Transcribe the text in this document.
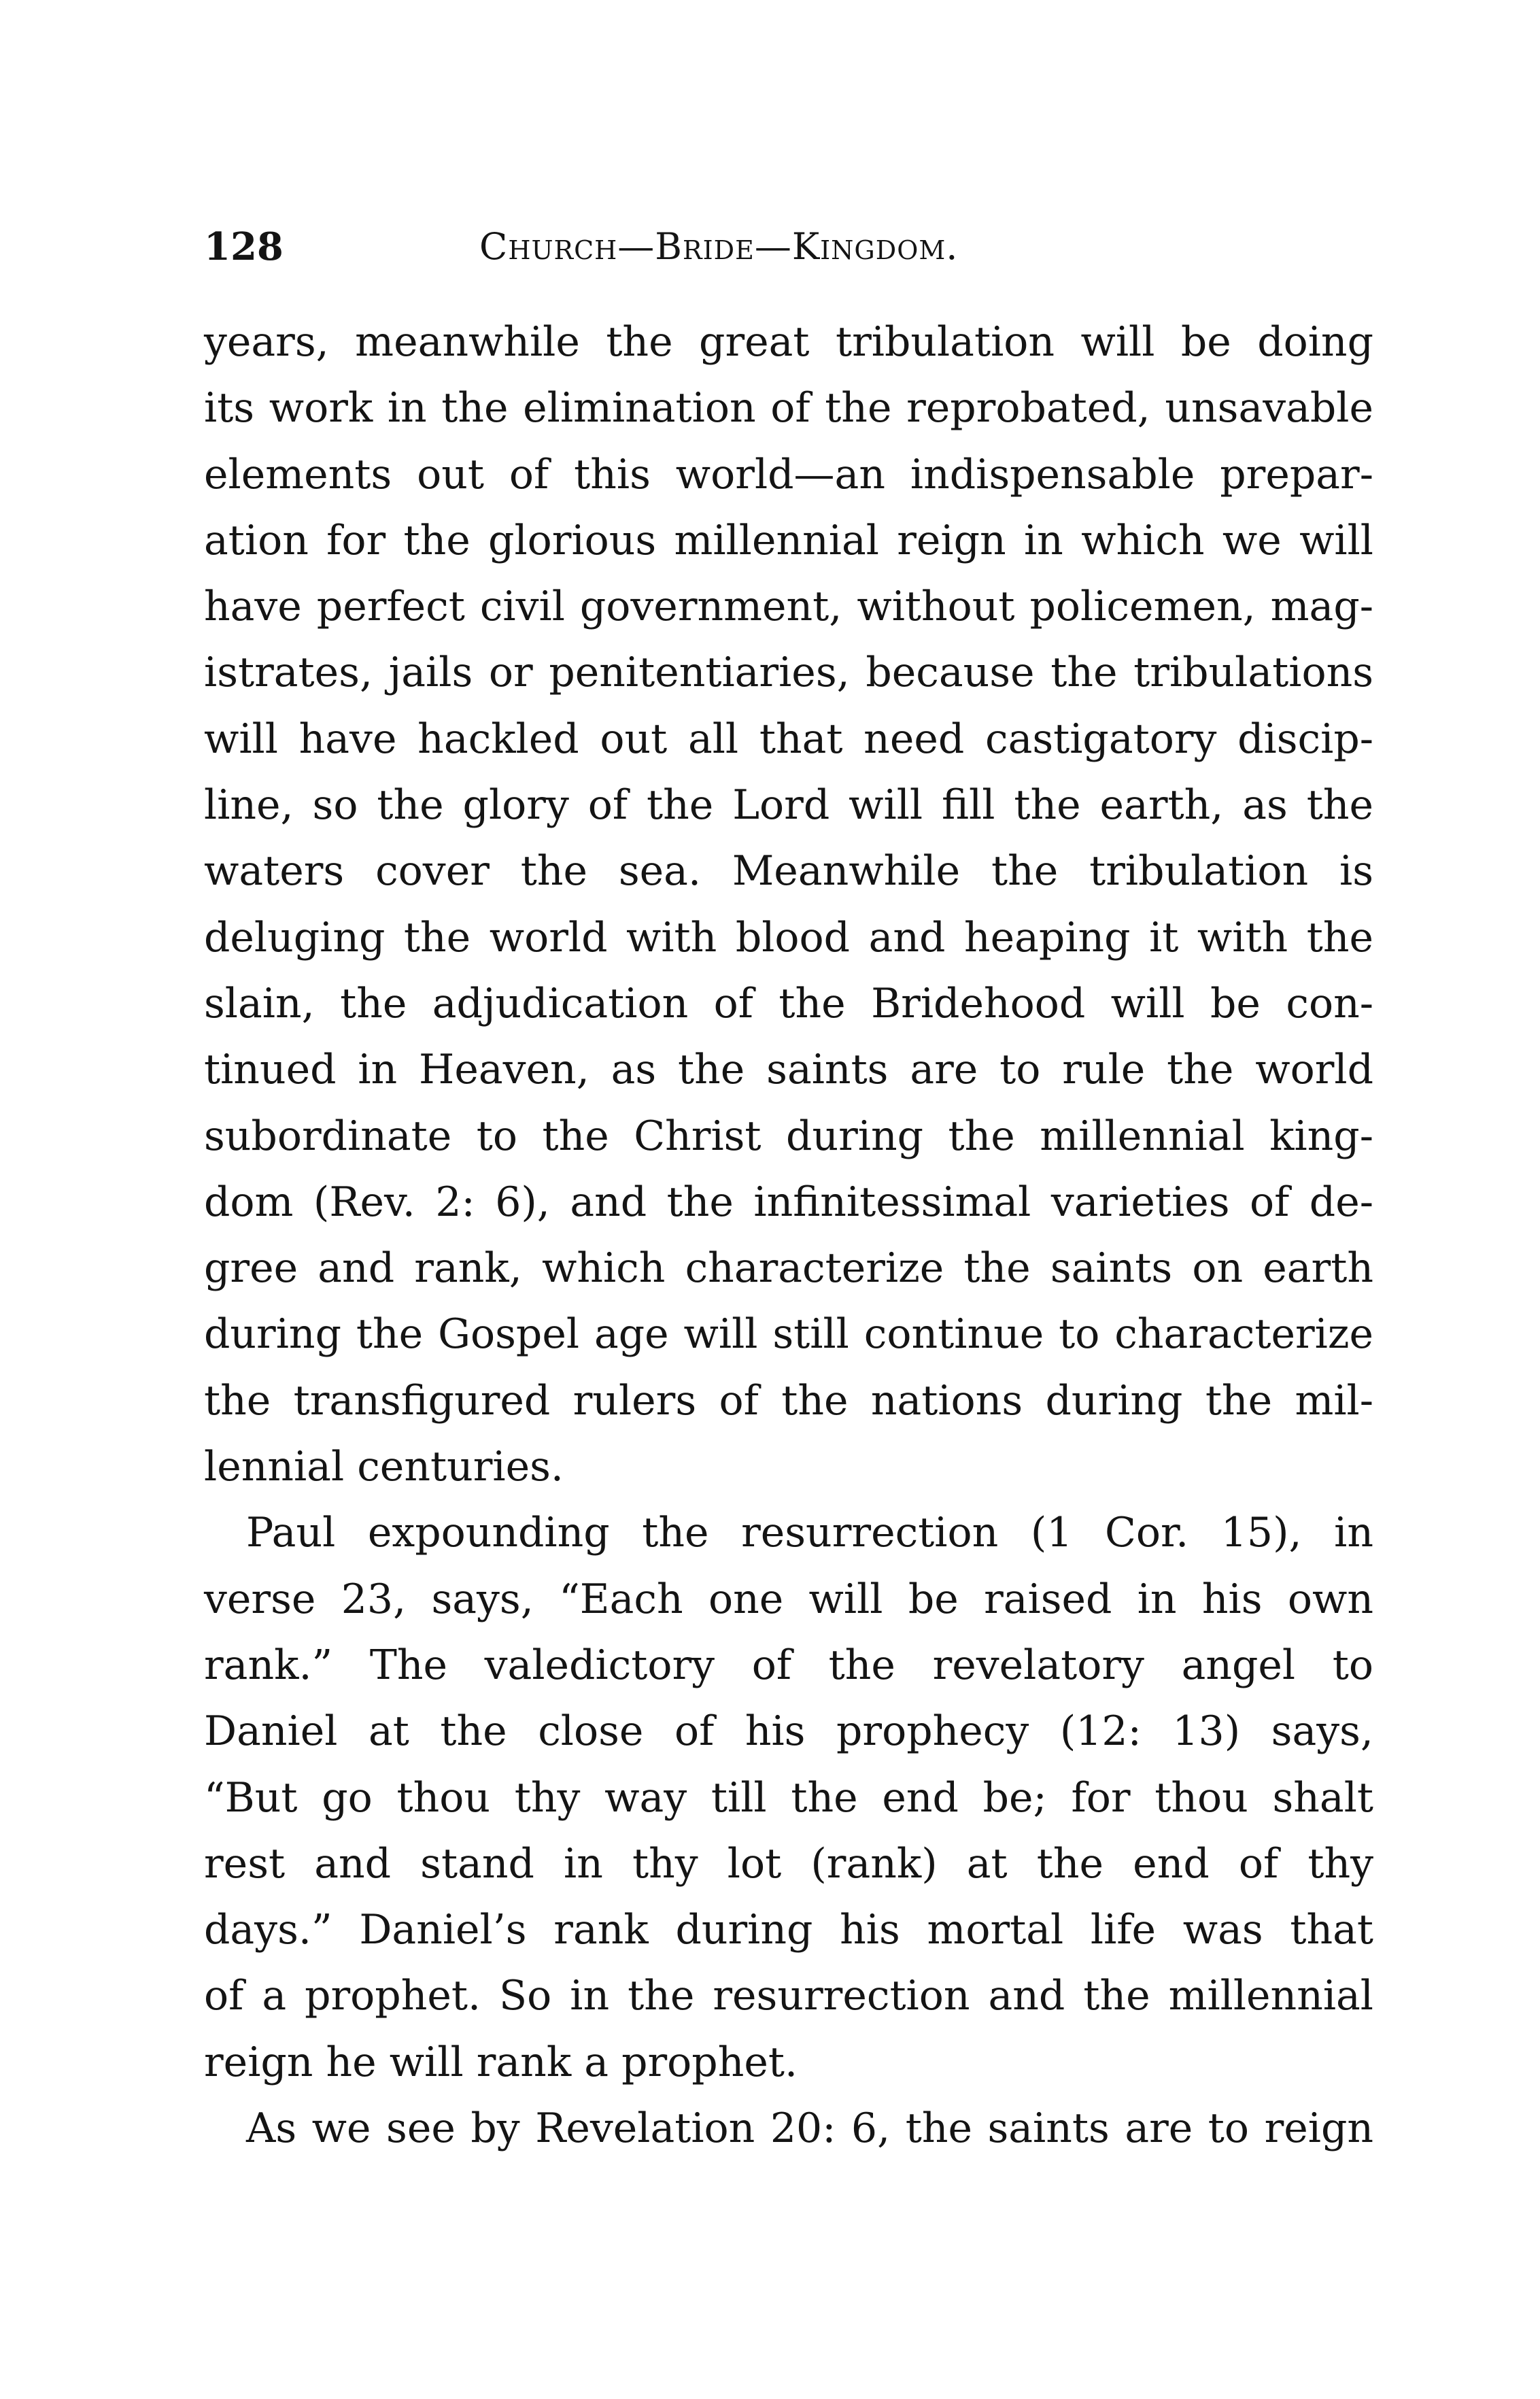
128	Church—Bride—Kingdom.
years, meanwhile the great tribulation will be doing
its work in the elimination of the reprobated, unsavable
elements out of this world—an indispensable prepar-
ation for the glorious millennial reign in which we will
have perfect civil government, without policemen, mag-
istrates, jails or penitentiaries, because the tribulations
will have hackled out all that need castigatory discip-
line, so the glory of the Lord will fill the earth, as the
waters cover the sea. Meanwhile the tribulation is
deluging the world with blood and heaping it with the
slain, the adjudication of the Bridehood will be con-
tinued in Heaven, as the saints are to rule the world
subordinate to the Christ during the millennial king-
dom (Rev. 2: 6), and the infinitessimal varieties of de-
gree and rank, which characterize the saints on earth
during the Gospel age will still continue to characterize
the transfigured rulers of the nations during the mil-
lennial centuries.
Paul expounding the resurrection (1 Cor. 15), in
verse 23, says, “Each one will be raised in his own
rank.” The valedictory of the revelatory angel to
Daniel at the close of his prophecy (12: 13) says,
“But go thou thy way till the end be; for thou shalt
rest and stand in thy lot (rank) at the end of thy
days.” Daniel’s rank during his mortal life was that
of a prophet. So in the resurrection and the millennial
reign he will rank a prophet.
As we see by Revelation 20: 6, the saints are to reign
